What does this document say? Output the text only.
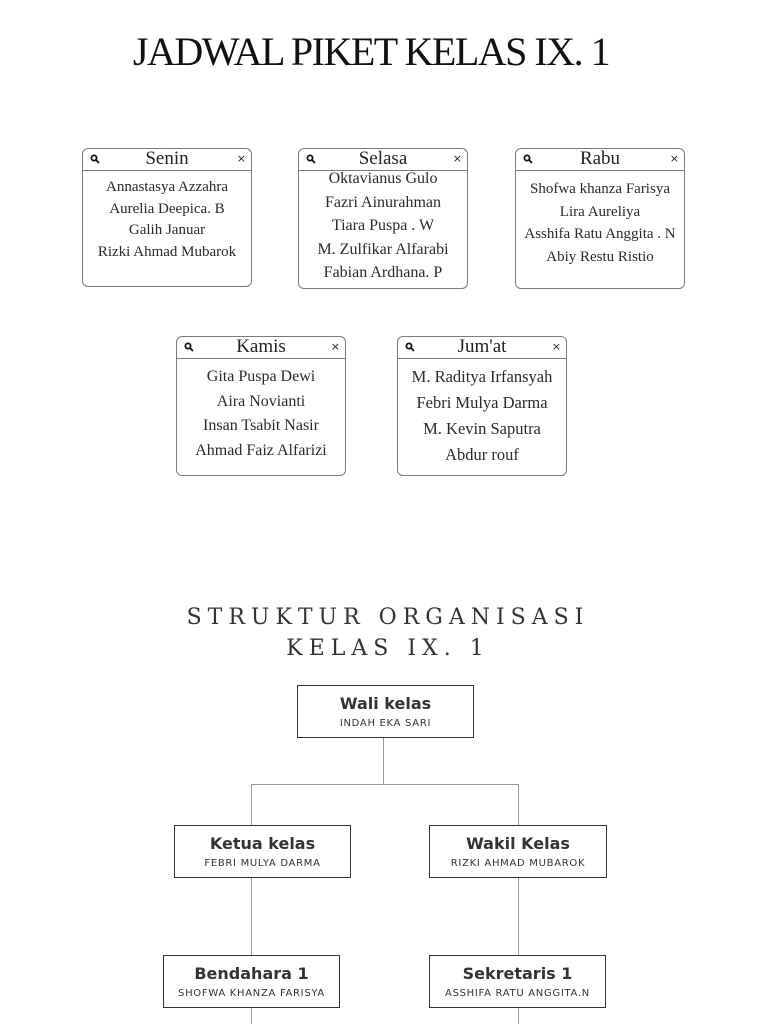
JADWAL PIKET KELAS IX. 1
Senin	×
Annastasya Azzahra
Aurelia Deepica. B
Galih Januar
Rizki Ahmad Mubarok
Selasa	×
Oktavianus Gulo
Fazri Ainurahman
Tiara Puspa . W
M. Zulfikar Alfarabi
Fabian Ardhana. P
Rabu	×
Shofwa khanza Farisya
Lira Aureliya
Asshifa Ratu Anggita . N
Abiy Restu Ristio
Kamis	×
Gita Puspa Dewi
Aira Novianti
Insan Tsabit Nasir
Ahmad Faiz Alfarizi
Jum'at	×
M. Raditya Irfansyah
Febri Mulya Darma
M. Kevin Saputra
Abdur rouf
STRUKTUR ORGANISASI
KELAS IX. 1
Wali kelas
INDAH EKA SARI
Ketua kelas
FEBRI MULYA DARMA
Wakil Kelas
RIZKI AHMAD MUBAROK
Bendahara 1
SHOFWA KHANZA FARISYA
Sekretaris 1
ASSHIFA RATU ANGGITA.N
